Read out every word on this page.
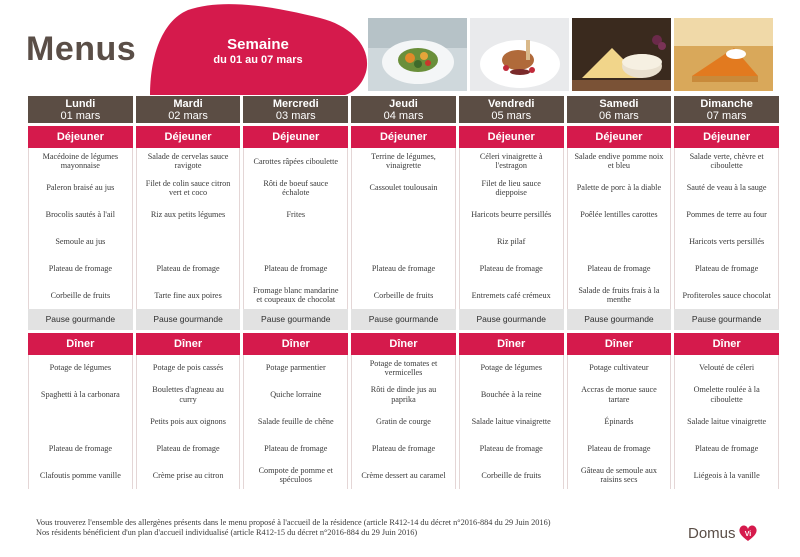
Menus	Semaine
du 01 au 07 mars
Lundi
01 mars
Déjeuner
Macédoine de légumes mayonnaise
Paleron braisé au jus
Brocolis sautés à l'ail
Semoule au jus
Plateau de fromage
Corbeille de fruits
Pause gourmande
Dîner
Potage de légumes
Spaghetti à la carbonara
Plateau de fromage
Clafoutis pomme vanille
Mardi
02 mars
Déjeuner
Salade de cervelas sauce ravigote
Filet de colin sauce citron vert et coco
Riz aux petits légumes
Plateau de fromage
Tarte fine aux poires
Pause gourmande
Dîner
Potage de pois cassés
Boulettes d'agneau au curry
Petits pois aux oignons
Plateau de fromage
Crème prise au citron
Mercredi
03 mars
Déjeuner
Carottes râpées ciboulette
Rôti de boeuf sauce échalote
Frites
Plateau de fromage
Fromage blanc mandarine et coupeaux de chocolat
Pause gourmande
Dîner
Potage parmentier
Quiche lorraine
Salade feuille de chêne
Plateau de fromage
Compote de pomme et spéculoos
Jeudi
04 mars
Déjeuner
Terrine de légumes, vinaigrette
Cassoulet toulousain
Plateau de fromage
Corbeille de fruits
Pause gourmande
Dîner
Potage de tomates et vermicelles
Rôti de dinde jus au paprika
Gratin de courge
Plateau de fromage
Crème dessert au caramel
Vendredi
05 mars
Déjeuner
Céleri vinaigrette à l'estragon
Filet de lieu sauce dieppoise
Haricots beurre persillés
Riz pilaf
Plateau de fromage
Entremets café crémeux
Pause gourmande
Dîner
Potage de légumes
Bouchée à la reine
Salade laitue vinaigrette
Plateau de fromage
Corbeille de fruits
Samedi
06 mars
Déjeuner
Salade endive pomme noix et bleu
Palette de porc à la diable
Poêlée lentilles carottes
Plateau de fromage
Salade de fruits frais à la menthe
Pause gourmande
Dîner
Potage cultivateur
Accras de morue sauce tartare
Épinards
Plateau de fromage
Gâteau de semoule aux raisins secs
Dimanche
07 mars
Déjeuner
Salade verte, chèvre et ciboulette
Sauté de veau à la sauge
Pommes de terre au four
Haricots verts persillés
Plateau de fromage
Profiteroles sauce chocolat
Pause gourmande
Dîner
Velouté de céleri
Omelette roulée à la ciboulette
Salade laitue vinaigrette
Plateau de fromage
Liégeois à la vanille
Vous trouverez l'ensemble des allergènes présents dans le menu proposé à l'accueil de la résidence (article R412-14 du décret n°2016-884 du 29 Juin 2016)
Nos résidents bénéficient d'un plan d'accueil individualisé (article R412-15 du décret n°2016-884 du 29 Juin 2016)	Domus Vi
